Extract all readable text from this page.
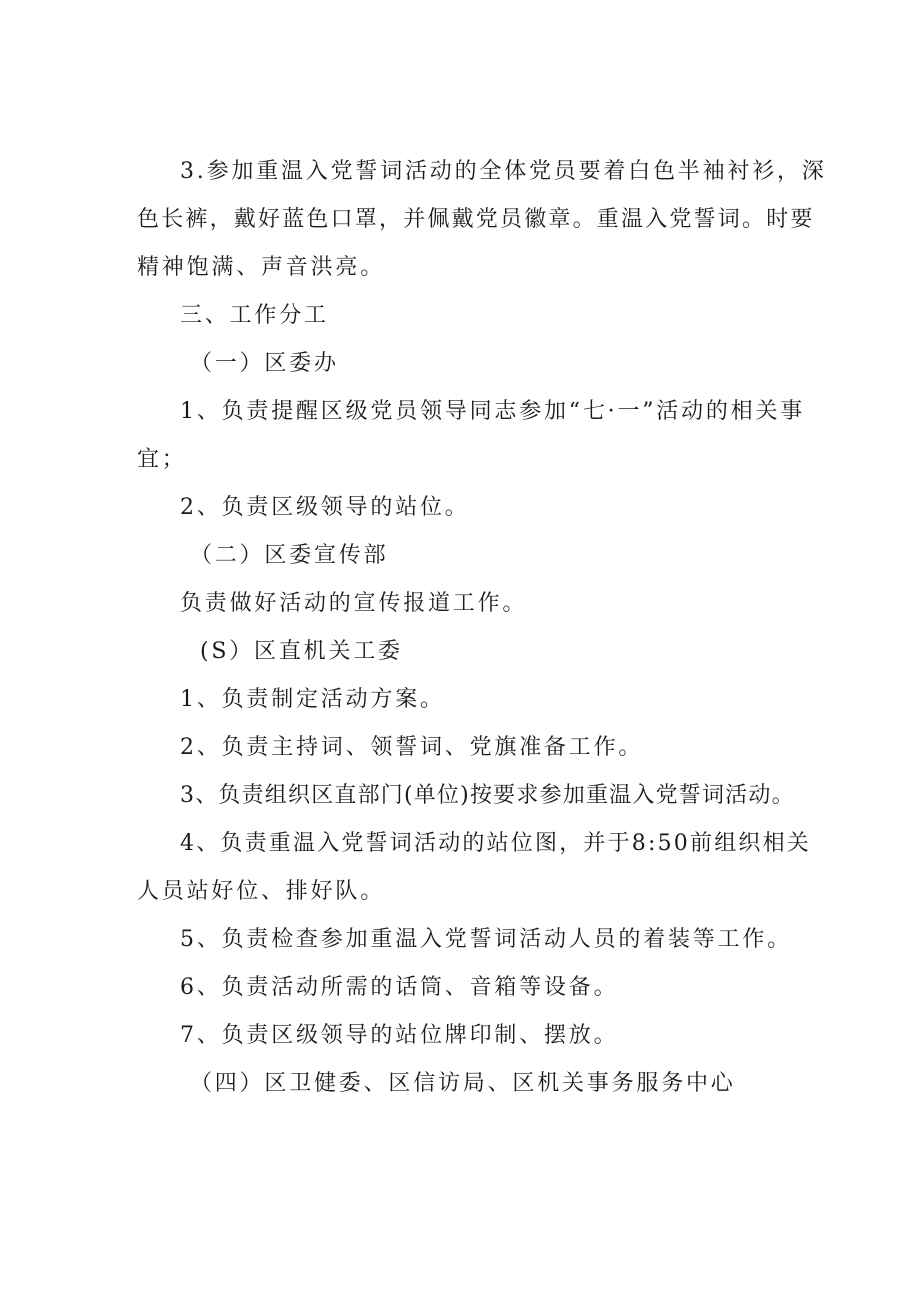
3.参加重温入党誓词活动的全体党员要着白色半袖衬衫，深
色长裤，戴好蓝色口罩，并佩戴党员徽章。重温入党誓词。时要
精神饱满、声音洪亮。
三、工作分工
（一）区委办
1、负责提醒区级党员领导同志参加“七·一”活动的相关事
宜；
2、负责区级领导的站位。
（二）区委宣传部
负责做好活动的宣传报道工作。
(S）区直机关工委
1、负责制定活动方案。
2、负责主持词、领誓词、党旗准备工作。
3、负责组织区直部门(单位)按要求参加重温入党誓词活动。
4、负责重温入党誓词活动的站位图，并于8:50前组织相关
人员站好位、排好队。
5、负责检查参加重温入党誓词活动人员的着装等工作。
6、负责活动所需的话筒、音箱等设备。
7、负责区级领导的站位牌印制、摆放。
（四）区卫健委、区信访局、区机关事务服务中心
